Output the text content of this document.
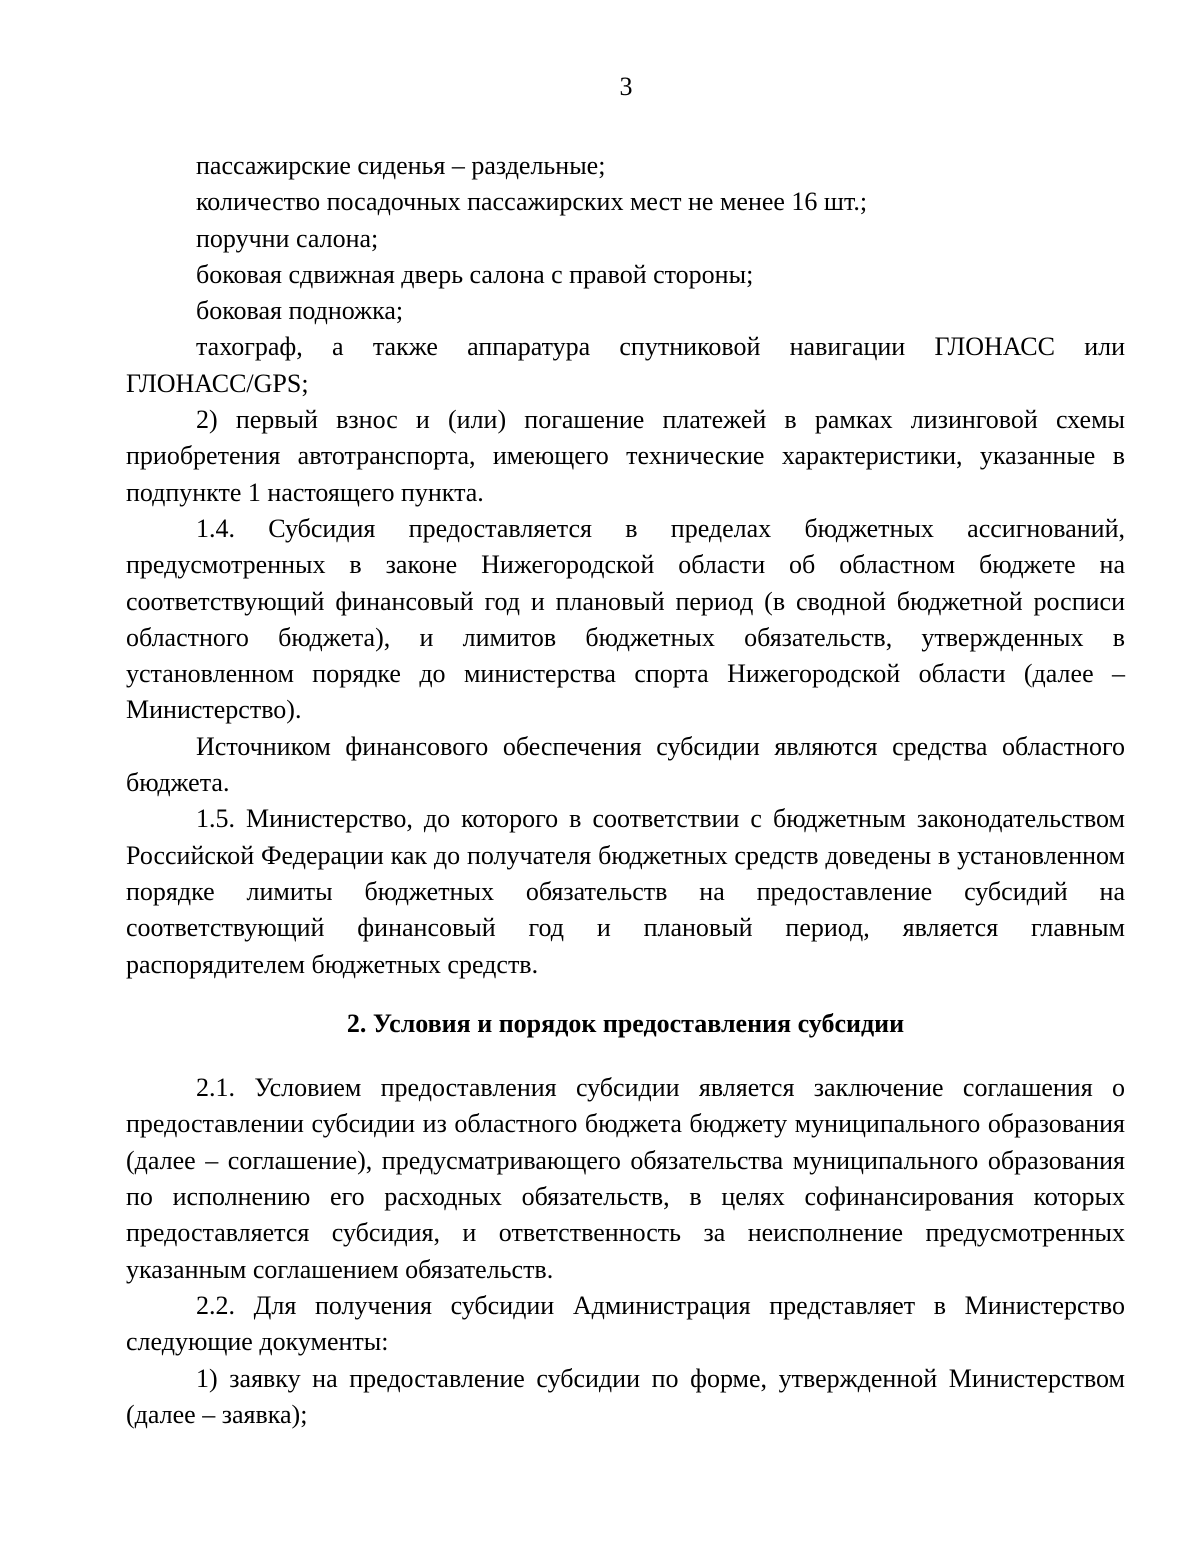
3

пассажирские сиденья – раздельные;

количество посадочных пассажирских мест не менее 16 шт.;

поручни салона;

боковая сдвижная дверь салона с правой стороны;

боковая подножка;

тахограф, а также аппаратура спутниковой навигации ГЛОНАСС или ГЛОНАСС/GPS;

2) первый взнос и (или) погашение платежей в рамках лизинговой схемы приобретения автотранспорта, имеющего технические характеристики, указанные в подпункте 1 настоящего пункта.

1.4. Субсидия предоставляется в пределах бюджетных ассигнований, предусмотренных в законе Нижегородской области об областном бюджете на соответствующий финансовый год и плановый период (в сводной бюджетной росписи областного бюджета), и лимитов бюджетных обязательств, утвержденных в установленном порядке до министерства спорта Нижегородской области (далее – Министерство).

Источником финансового обеспечения субсидии являются средства областного бюджета.

1.5. Министерство, до которого в соответствии с бюджетным законодательством Российской Федерации как до получателя бюджетных средств доведены в установленном порядке лимиты бюджетных обязательств на предоставление субсидий на соответствующий финансовый год и плановый период, является главным распорядителем бюджетных средств.

2. Условия и порядок предоставления субсидии

2.1. Условием предоставления субсидии является заключение соглашения о предоставлении субсидии из областного бюджета бюджету муниципального образования (далее – соглашение), предусматривающего обязательства муниципального образования по исполнению его расходных обязательств, в целях софинансирования которых предоставляется субсидия, и ответственность за неисполнение предусмотренных указанным соглашением обязательств.

2.2. Для получения субсидии Администрация представляет в Министерство следующие документы:

1) заявку на предоставление субсидии по форме, утвержденной Министерством (далее – заявка);
